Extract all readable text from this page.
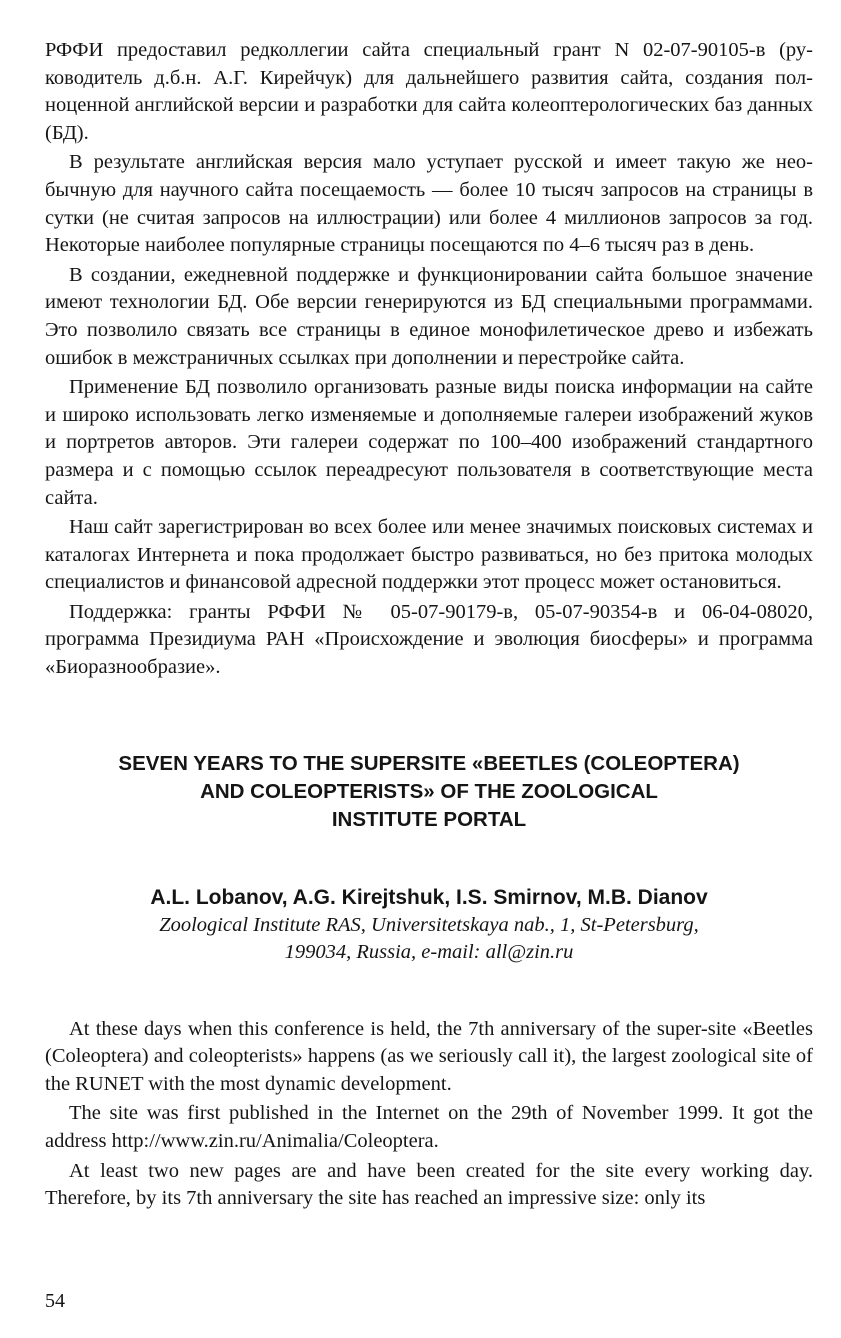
РФФИ предоставил редколлегии сайта специальный грант N 02-07-90105-в (руководитель д.б.н. А.Г. Кирейчук) для дальнейшего развития сайта, создания полноценной английской версии и разработки для сайта колеоптерологических баз данных (БД).

В результате английская версия мало уступает русской и имеет такую же необычную для научного сайта посещаемость — более 10 тысяч запросов на страницы в сутки (не считая запросов на иллюстрации) или более 4 миллионов запросов за год. Некоторые наиболее популярные страницы посещаются по 4–6 тысяч раз в день.

В создании, ежедневной поддержке и функционировании сайта большое значение имеют технологии БД. Обе версии генерируются из БД специальными программами. Это позволило связать все страницы в единое монофилетическое древо и избежать ошибок в межстраничных ссылках при дополнении и перестройке сайта.

Применение БД позволило организовать разные виды поиска информации на сайте и широко использовать легко изменяемые и дополняемые галереи изображений жуков и портретов авторов. Эти галереи содержат по 100–400 изображений стандартного размера и с помощью ссылок переадресуют пользователя в соответствующие места сайта.

Наш сайт зарегистрирован во всех более или менее значимых поисковых системах и каталогах Интернета и пока продолжает быстро развиваться, но без притока молодых специалистов и финансовой адресной поддержки этот процесс может остановиться.

Поддержка: гранты РФФИ № 05-07-90179-в, 05-07-90354-в и 06-04-08020, программа Президиума РАН «Происхождение и эволюция биосферы» и программа «Биоразнообразие».

SEVEN YEARS TO THE SUPERSITE «BEETLES (COLEOPTERA)
AND COLEOPTERISTS» OF THE ZOOLOGICAL
INSTITUTE PORTAL
A.L. Lobanov, A.G. Kirejtshuk, I.S. Smirnov, M.B. Dianov
Zoological Institute RAS, Universitetskaya nab., 1, St-Petersburg,
199034, Russia, e-mail: all@zin.ru

At these days when this conference is held, the 7th anniversary of the super-site «Beetles (Coleoptera) and coleopterists» happens (as we seriously call it), the largest zoological site of the RUNET with the most dynamic development.

The site was first published in the Internet on the 29th of November 1999. It got the address http://www.zin.ru/Animalia/Coleoptera.

At least two new pages are and have been created for the site every working day. Therefore, by its 7th anniversary the site has reached an impressive size: only its

54
